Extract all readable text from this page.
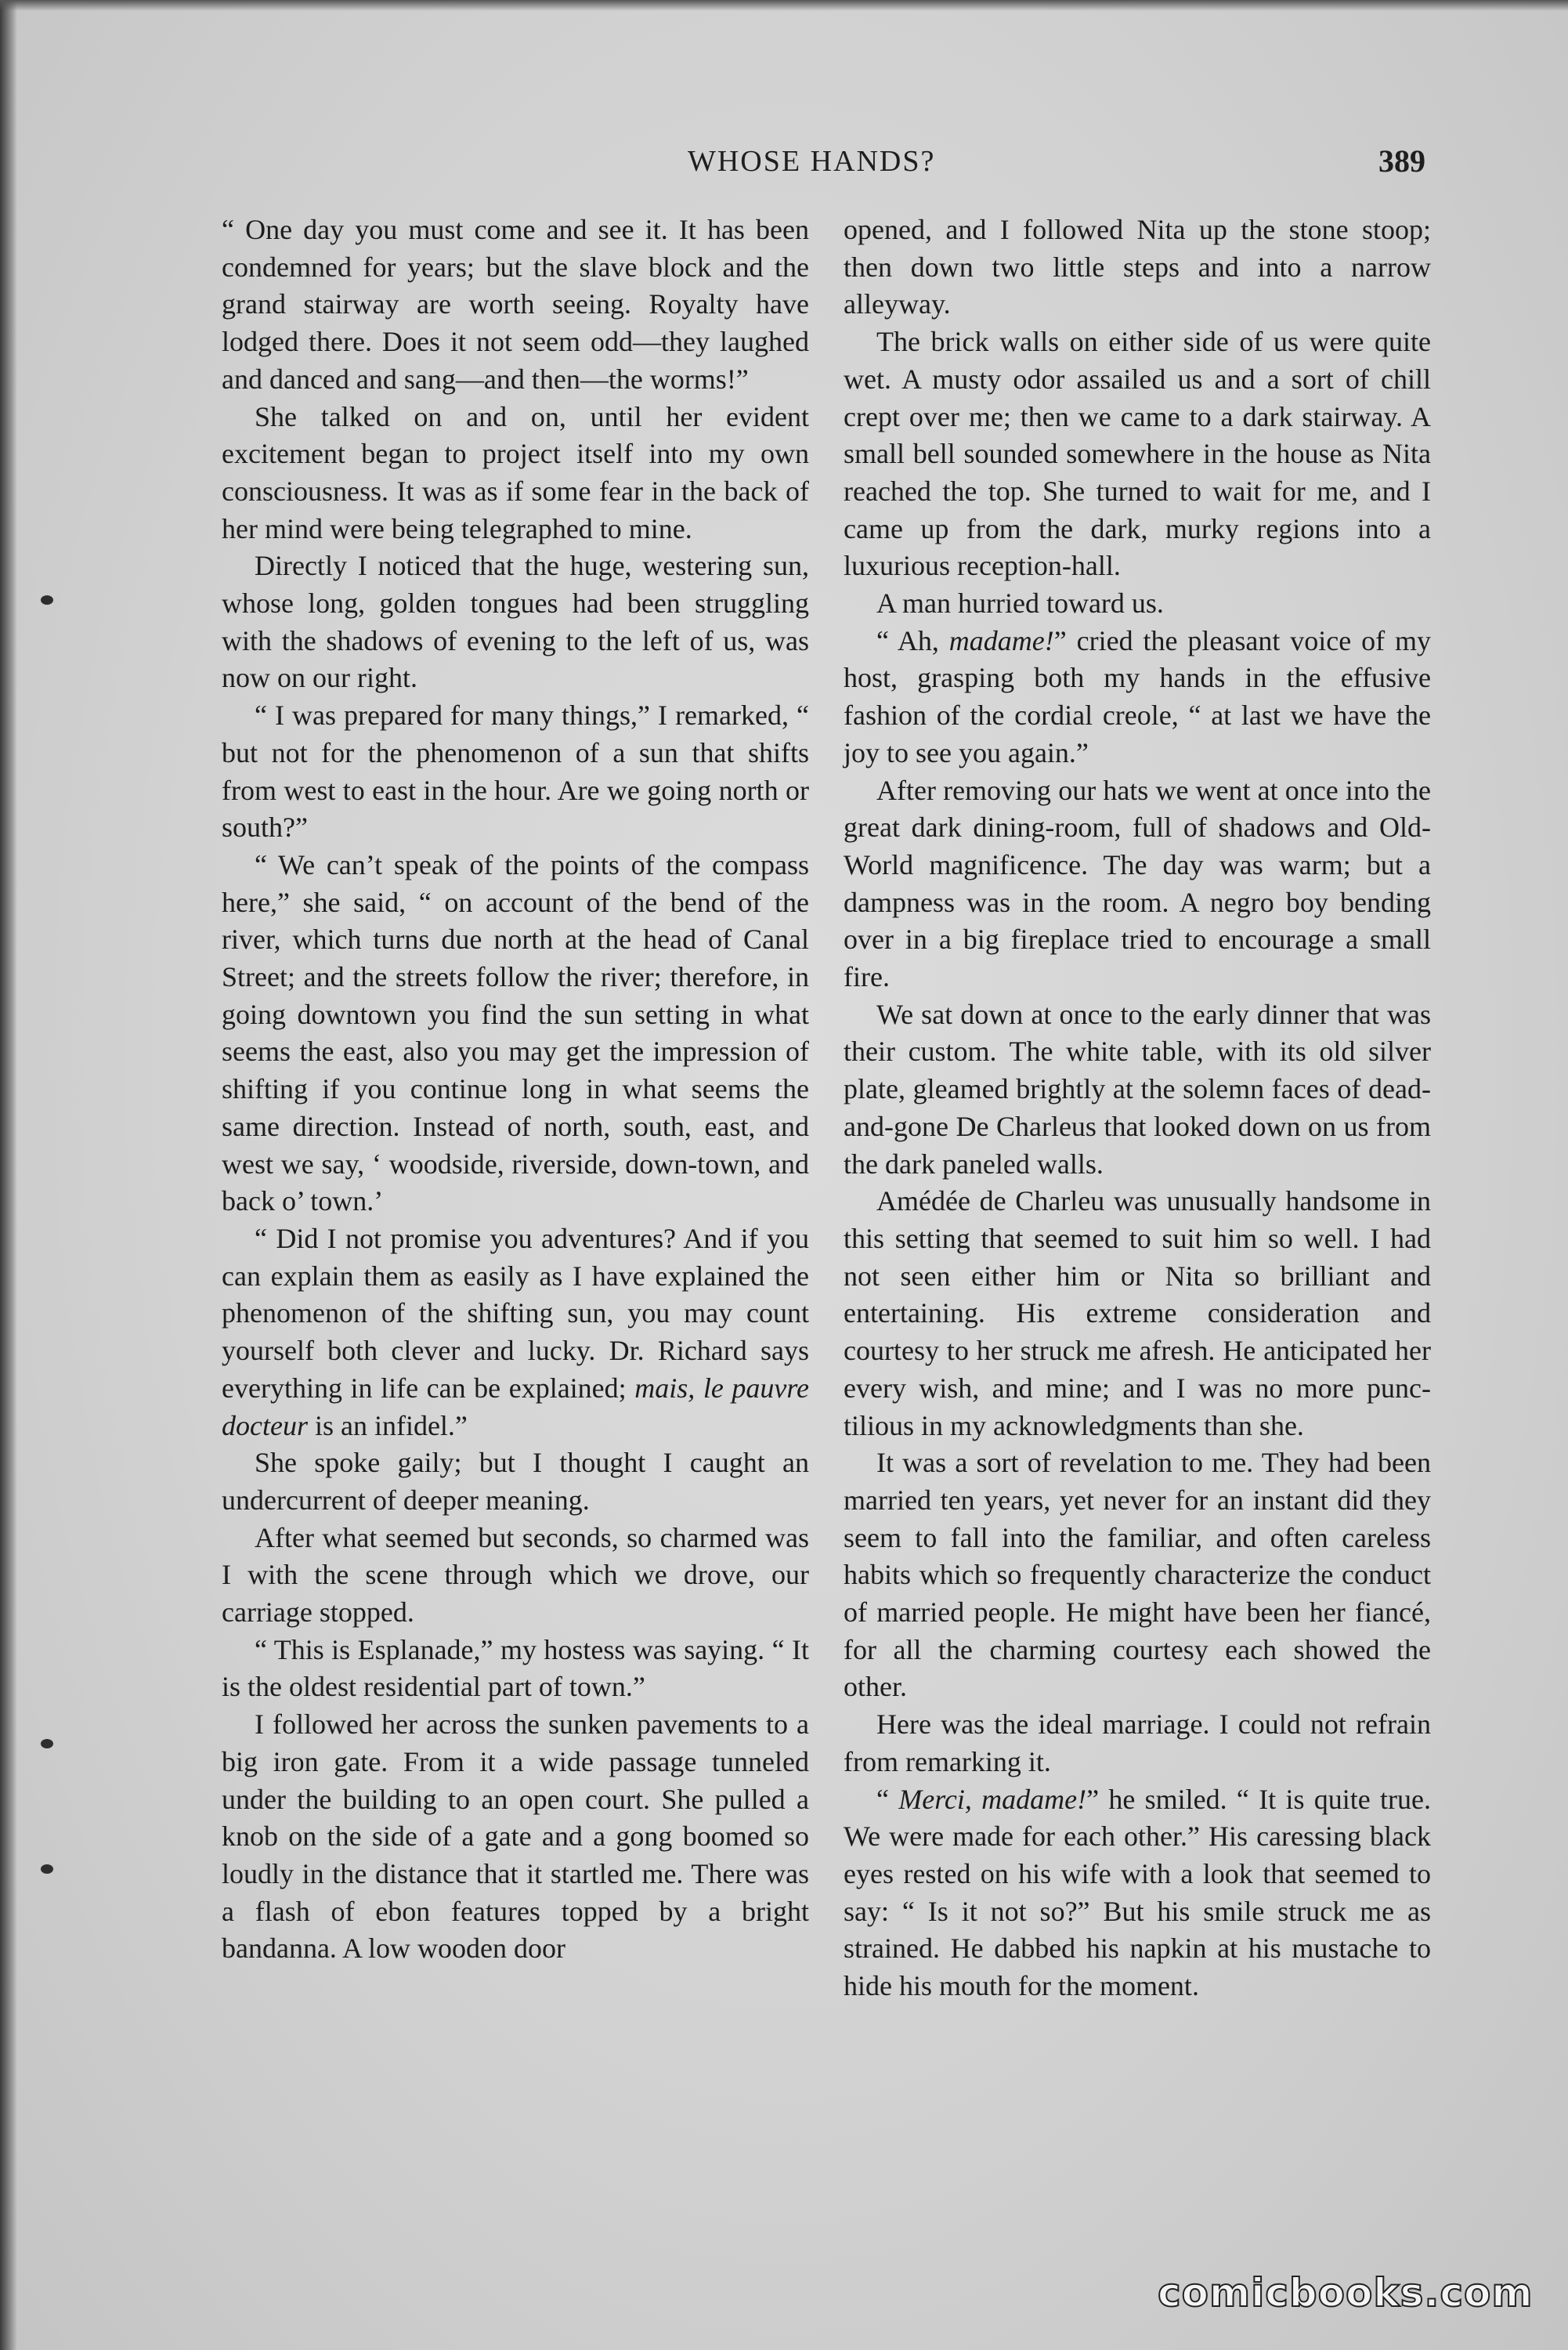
WHOSE HANDS?	389

“ One day you must come and see it. It has been condemned for years; but the slave block and the grand stairway are worth seeing. Royalty have lodged there. Does it not seem odd—they laughed and danced and sang—and then—the worms!”

She talked on and on, until her evident excitement began to project itself into my own consciousness. It was as if some fear in the back of her mind were being telegraphed to mine.

Directly I noticed that the huge, westering sun, whose long, golden tongues had been struggling with the shadows of evening to the left of us, was now on our right.

“ I was prepared for many things,” I remarked, “ but not for the phenomenon of a sun that shifts from west to east in the hour. Are we going north or south?”

“ We can’t speak of the points of the compass here,” she said, “ on account of the bend of the river, which turns due north at the head of Canal Street; and the streets follow the river; therefore, in going downtown you find the sun setting in what seems the east, also you may get the impression of shifting if you continue long in what seems the same direction. Instead of north, south, east, and west we say, ‘ woodside, riverside, down-town, and back o’ town.’

“ Did I not promise you adventures? And if you can explain them as easily as I have explained the phenomenon of the shifting sun, you may count yourself both clever and lucky. Dr. Richard says everything in life can be explained; mais, le pauvre docteur is an infidel.”

She spoke gaily; but I thought I caught an undercurrent of deeper meaning.

After what seemed but seconds, so charmed was I with the scene through which we drove, our carriage stopped.

“ This is Esplanade,” my hostess was saying. “ It is the oldest residential part of town.”

I followed her across the sunken pavements to a big iron gate. From it a wide passage tunneled under the building to an open court. She pulled a knob on the side of a gate and a gong boomed so loudly in the distance that it startled me. There was a flash of ebon features topped by a bright bandanna. A low wooden door

opened, and I followed Nita up the stone stoop; then down two little steps and into a narrow alleyway.

The brick walls on either side of us were quite wet. A musty odor assailed us and a sort of chill crept over me; then we came to a dark stairway. A small bell sounded somewhere in the house as Nita reached the top. She turned to wait for me, and I came up from the dark, murky regions into a luxurious reception-hall.

A man hurried toward us.

“ Ah, madame!” cried the pleasant voice of my host, grasping both my hands in the effusive fashion of the cordial creole, “ at last we have the joy to see you again.”

After removing our hats we went at once into the great dark dining-room, full of shadows and Old-World magnificence. The day was warm; but a dampness was in the room. A negro boy bending over in a big fireplace tried to encourage a small fire.

We sat down at once to the early dinner that was their custom. The white table, with its old silver plate, gleamed brightly at the solemn faces of dead-and-gone De Charleus that looked down on us from the dark paneled walls.

Amédée de Charleu was unusually handsome in this setting that seemed to suit him so well. I had not seen either him or Nita so brilliant and entertaining. His extreme consideration and courtesy to her struck me afresh. He anticipated her every wish, and mine; and I was no more punctilious in my acknowledgments than she.

It was a sort of revelation to me. They had been married ten years, yet never for an instant did they seem to fall into the familiar, and often careless habits which so frequently characterize the conduct of married people. He might have been her fiancé, for all the charming courtesy each showed the other.

Here was the ideal marriage. I could not refrain from remarking it.

“ Merci, madame!” he smiled. “ It is quite true. We were made for each other.” His caressing black eyes rested on his wife with a look that seemed to say: “ Is it not so?” But his smile struck me as strained. He dabbed his napkin at his mustache to hide his mouth for the moment.

comicbooks.com
